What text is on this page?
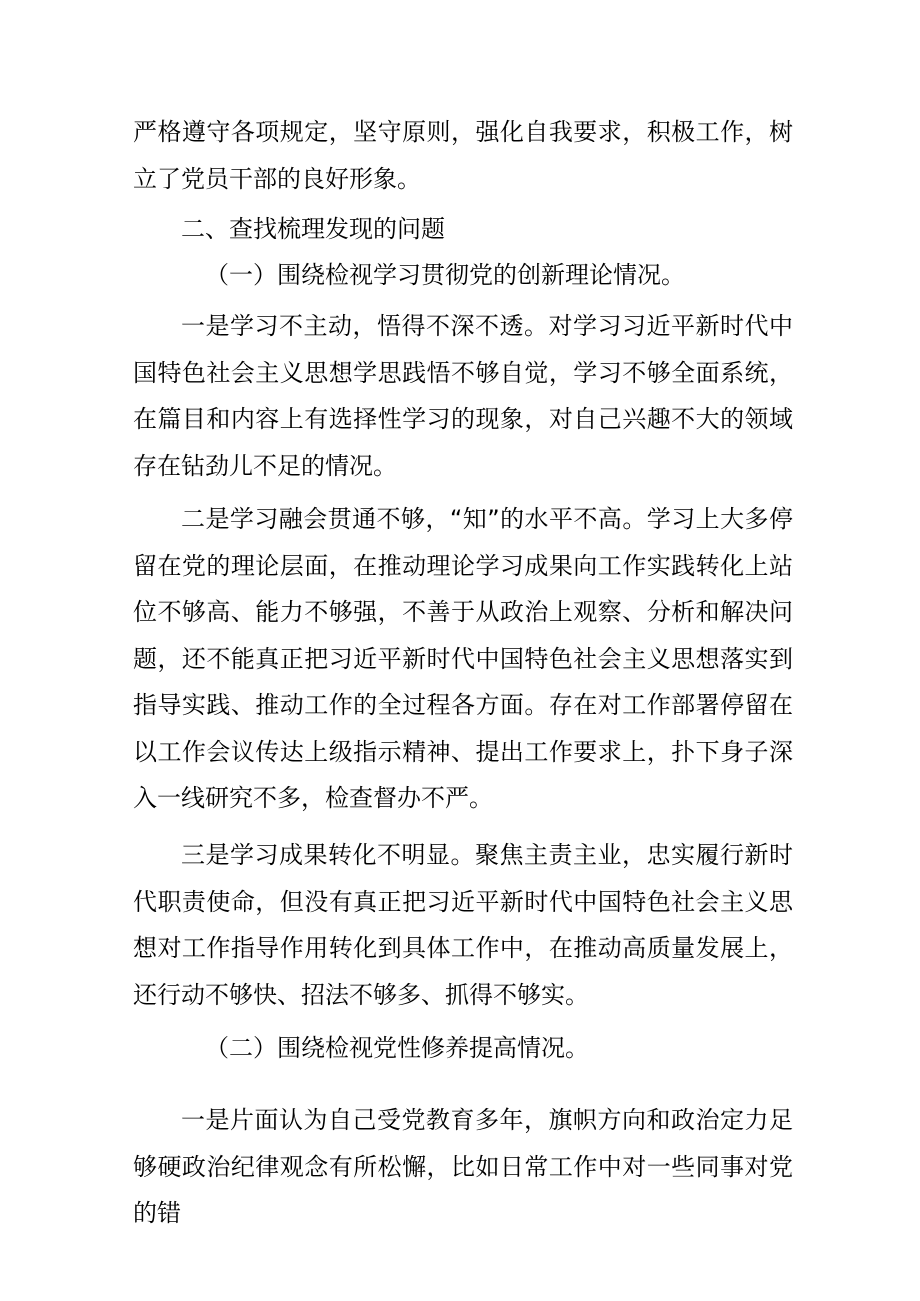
严格遵守各项规定，坚守原则，强化自我要求，积极工作，树立了党员干部的良好形象。
二、查找梳理发现的问题
（一）围绕检视学习贯彻党的创新理论情况。
一是学习不主动，悟得不深不透。对学习习近平新时代中国特色社会主义思想学思践悟不够自觉，学习不够全面系统，在篇目和内容上有选择性学习的现象，对自己兴趣不大的领域存在钻劲儿不足的情况。
二是学习融会贯通不够，“知”的水平不高。学习上大多停留在党的理论层面，在推动理论学习成果向工作实践转化上站位不够高、能力不够强，不善于从政治上观察、分析和解决问题，还不能真正把习近平新时代中国特色社会主义思想落实到指导实践、推动工作的全过程各方面。存在对工作部署停留在以工作会议传达上级指示精神、提出工作要求上，扑下身子深入一线研究不多，检查督办不严。
三是学习成果转化不明显。聚焦主责主业，忠实履行新时代职责使命，但没有真正把习近平新时代中国特色社会主义思想对工作指导作用转化到具体工作中，在推动高质量发展上，还行动不够快、招法不够多、抓得不够实。
（二）围绕检视党性修养提高情况。
一是片面认为自己受党教育多年，旗帜方向和政治定力足够硬政治纪律观念有所松懈，比如日常工作中对一些同事对党的错
